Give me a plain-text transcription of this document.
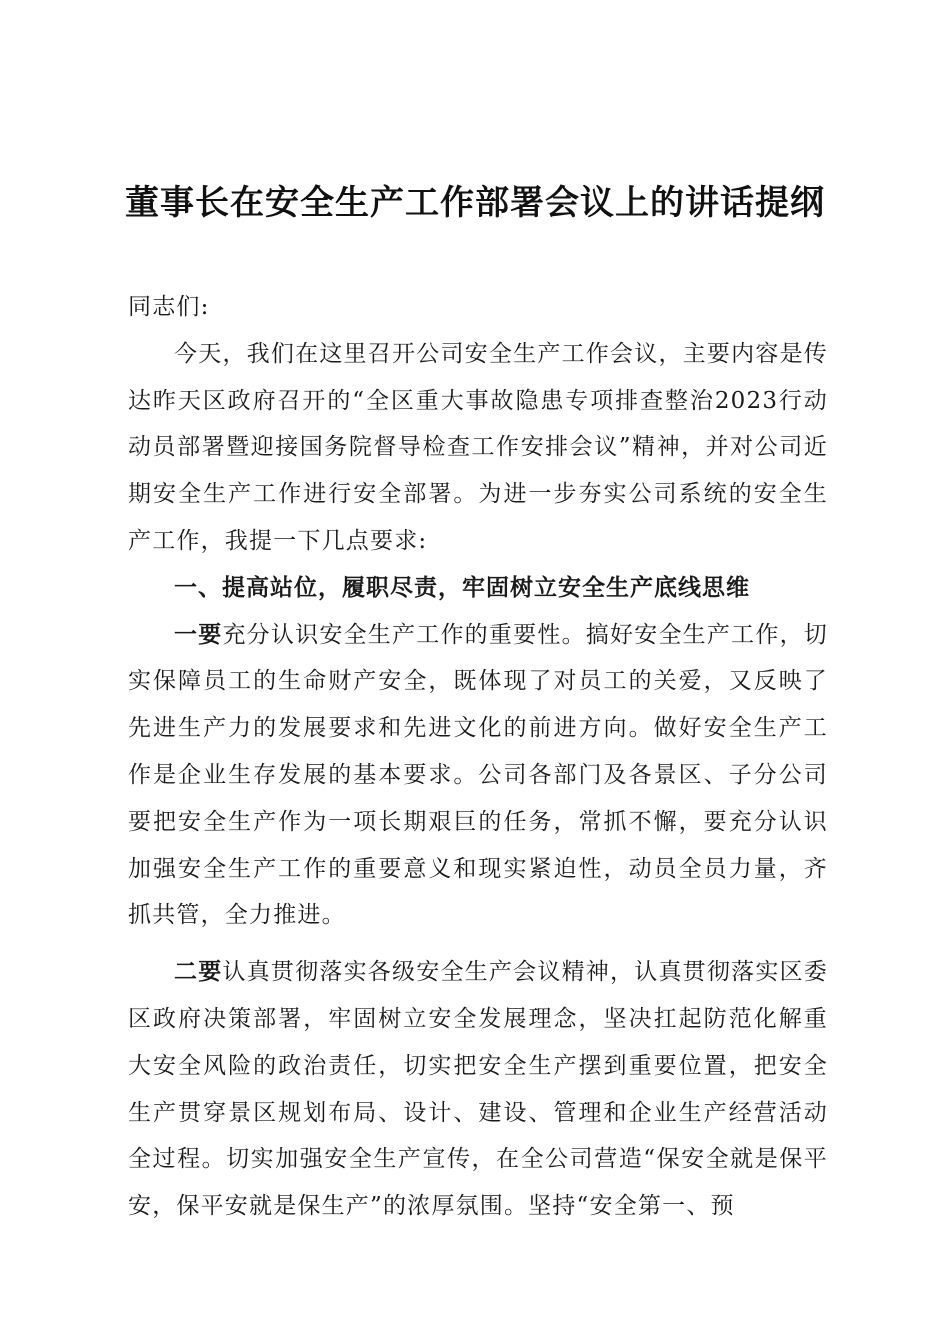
董事长在安全生产工作部署会议上的讲话提纲

同志们:

今天，我们在这里召开公司安全生产工作会议，主要内容是传达昨天区政府召开的“全区重大事故隐患专项排查整治2023行动动员部署暨迎接国务院督导检查工作安排会议”精神，并对公司近期安全生产工作进行安全部署。为进一步夯实公司系统的安全生产工作，我提一下几点要求:

一、提高站位，履职尽责，牢固树立安全生产底线思维

一要充分认识安全生产工作的重要性。搞好安全生产工作，切实保障员工的生命财产安全，既体现了对员工的关爱，又反映了先进生产力的发展要求和先进文化的前进方向。做好安全生产工作是企业生存发展的基本要求。公司各部门及各景区、子分公司要把安全生产作为一项长期艰巨的任务，常抓不懈，要充分认识加强安全生产工作的重要意义和现实紧迫性，动员全员力量，齐抓共管，全力推进。

二要认真贯彻落实各级安全生产会议精神，认真贯彻落实区委区政府决策部署，牢固树立安全发展理念，坚决扛起防范化解重大安全风险的政治责任，切实把安全生产摆到重要位置，把安全生产贯穿景区规划布局、设计、建设、管理和企业生产经营活动全过程。切实加强安全生产宣传，在全公司营造“保安全就是保平安，保平安就是保生产”的浓厚氛围。坚持“安全第一、预
